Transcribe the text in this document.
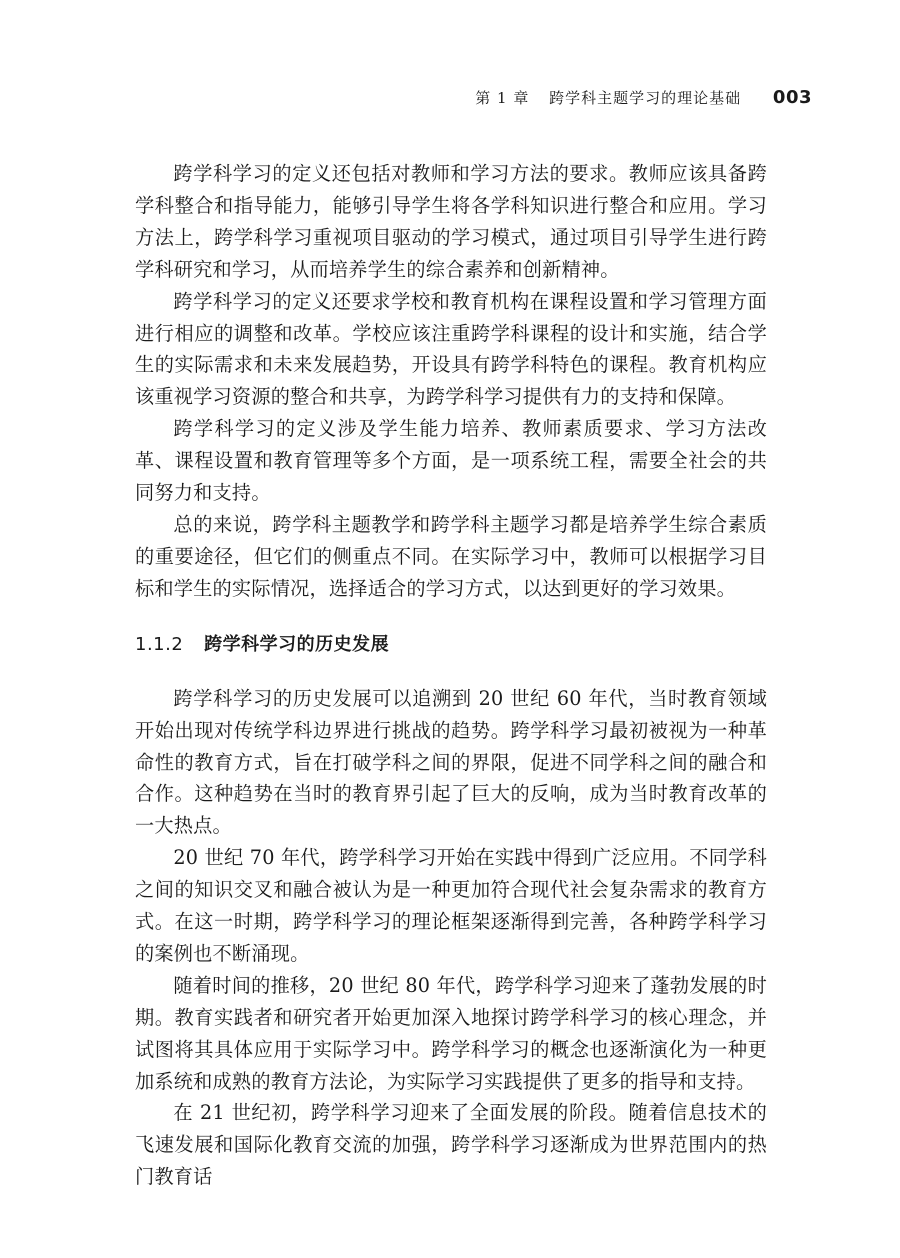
第 1 章 跨学科主题学习的理论基础 003

跨学科学习的定义还包括对教师和学习方法的要求。教师应该具备跨学科整合和指导能力，能够引导学生将各学科知识进行整合和应用。学习方法上，跨学科学习重视项目驱动的学习模式，通过项目引导学生进行跨学科研究和学习，从而培养学生的综合素养和创新精神。

跨学科学习的定义还要求学校和教育机构在课程设置和学习管理方面进行相应的调整和改革。学校应该注重跨学科课程的设计和实施，结合学生的实际需求和未来发展趋势，开设具有跨学科特色的课程。教育机构应该重视学习资源的整合和共享，为跨学科学习提供有力的支持和保障。

跨学科学习的定义涉及学生能力培养、教师素质要求、学习方法改革、课程设置和教育管理等多个方面，是一项系统工程，需要全社会的共同努力和支持。

总的来说，跨学科主题教学和跨学科主题学习都是培养学生综合素质的重要途径，但它们的侧重点不同。在实际学习中，教师可以根据学习目标和学生的实际情况，选择适合的学习方式，以达到更好的学习效果。

1.1.2 跨学科学习的历史发展

跨学科学习的历史发展可以追溯到 20 世纪 60 年代，当时教育领域开始出现对传统学科边界进行挑战的趋势。跨学科学习最初被视为一种革命性的教育方式，旨在打破学科之间的界限，促进不同学科之间的融合和合作。这种趋势在当时的教育界引起了巨大的反响，成为当时教育改革的一大热点。

20 世纪 70 年代，跨学科学习开始在实践中得到广泛应用。不同学科之间的知识交叉和融合被认为是一种更加符合现代社会复杂需求的教育方式。在这一时期，跨学科学习的理论框架逐渐得到完善，各种跨学科学习的案例也不断涌现。

随着时间的推移，20 世纪 80 年代，跨学科学习迎来了蓬勃发展的时期。教育实践者和研究者开始更加深入地探讨跨学科学习的核心理念，并试图将其具体应用于实际学习中。跨学科学习的概念也逐渐演化为一种更加系统和成熟的教育方法论，为实际学习实践提供了更多的指导和支持。

在 21 世纪初，跨学科学习迎来了全面发展的阶段。随着信息技术的飞速发展和国际化教育交流的加强，跨学科学习逐渐成为世界范围内的热门教育话
